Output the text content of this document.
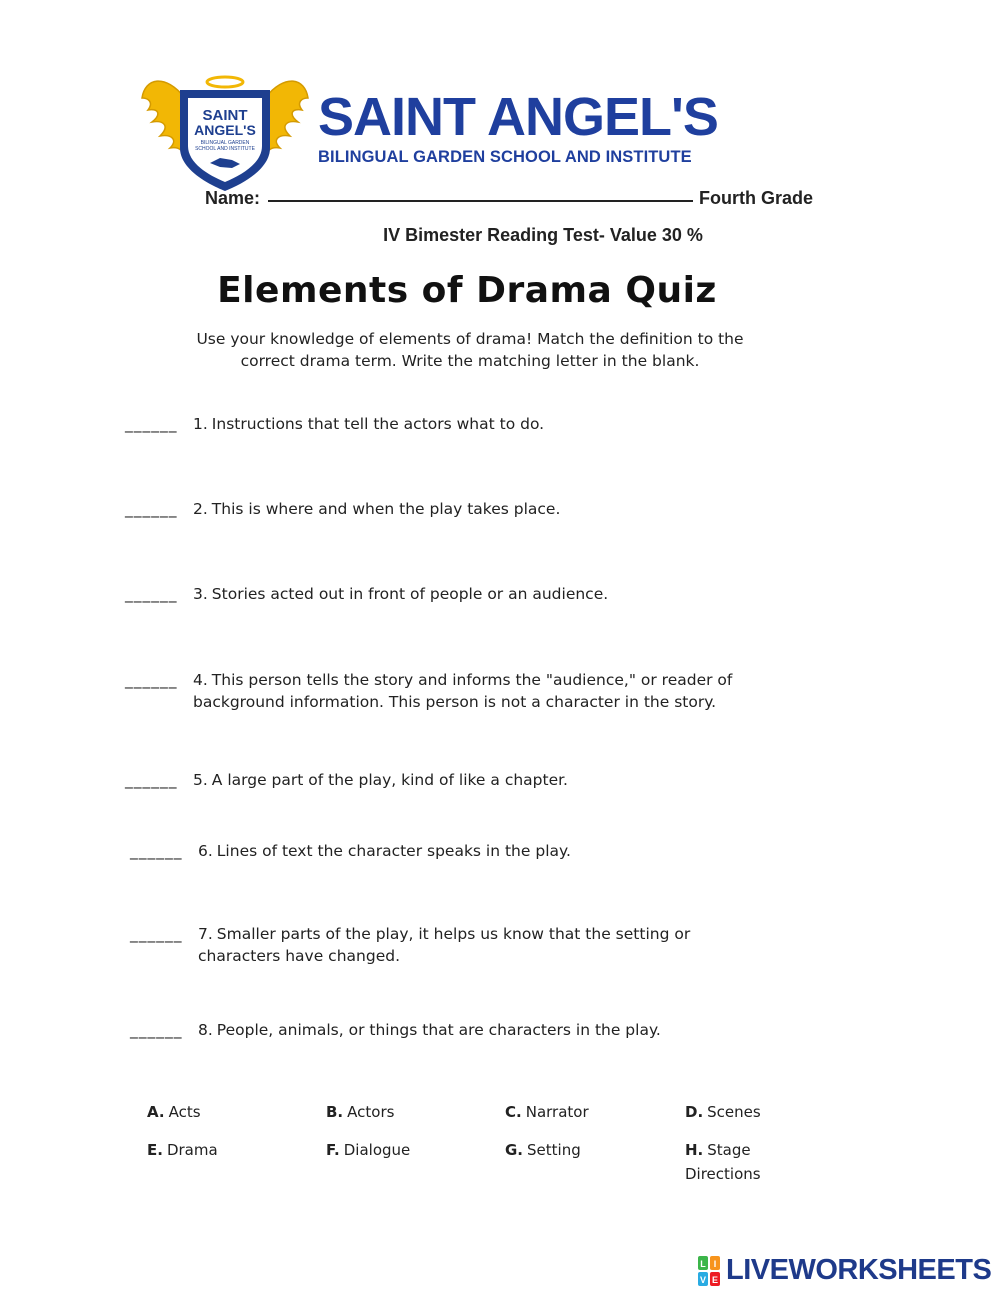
SAINT
ANGEL'S
BILINGUAL GARDEN
SCHOOL AND INSTITUTE
SAINT ANGEL'S
BILINGUAL GARDEN SCHOOL AND INSTITUTE
Name:	Fourth Grade
IV Bimester Reading Test- Value 30 %
Elements of Drama Quiz
Use your knowledge of elements of drama! Match the definition to the
correct drama term. Write the matching letter in the blank.
______	1. Instructions that tell the actors what to do.
______	2. This is where and when the play takes place.
______	3. Stories acted out in front of people or an audience.
______	4. This person tells the story and informs the "audience," or reader of background information. This person is not a character in the story.
______	5. A large part of the play, kind of like a chapter.
______	6. Lines of text the character speaks in the play.
______	7. Smaller parts of the play, it helps us know that the setting or characters have changed.
______	8. People, animals, or things that are characters in the play.
A. Acts	B. Actors	C. Narrator	D. Scenes
E. Drama	F. Dialogue	G. Setting	H. Stage Directions
L I
V E LIVEWORKSHEETS
